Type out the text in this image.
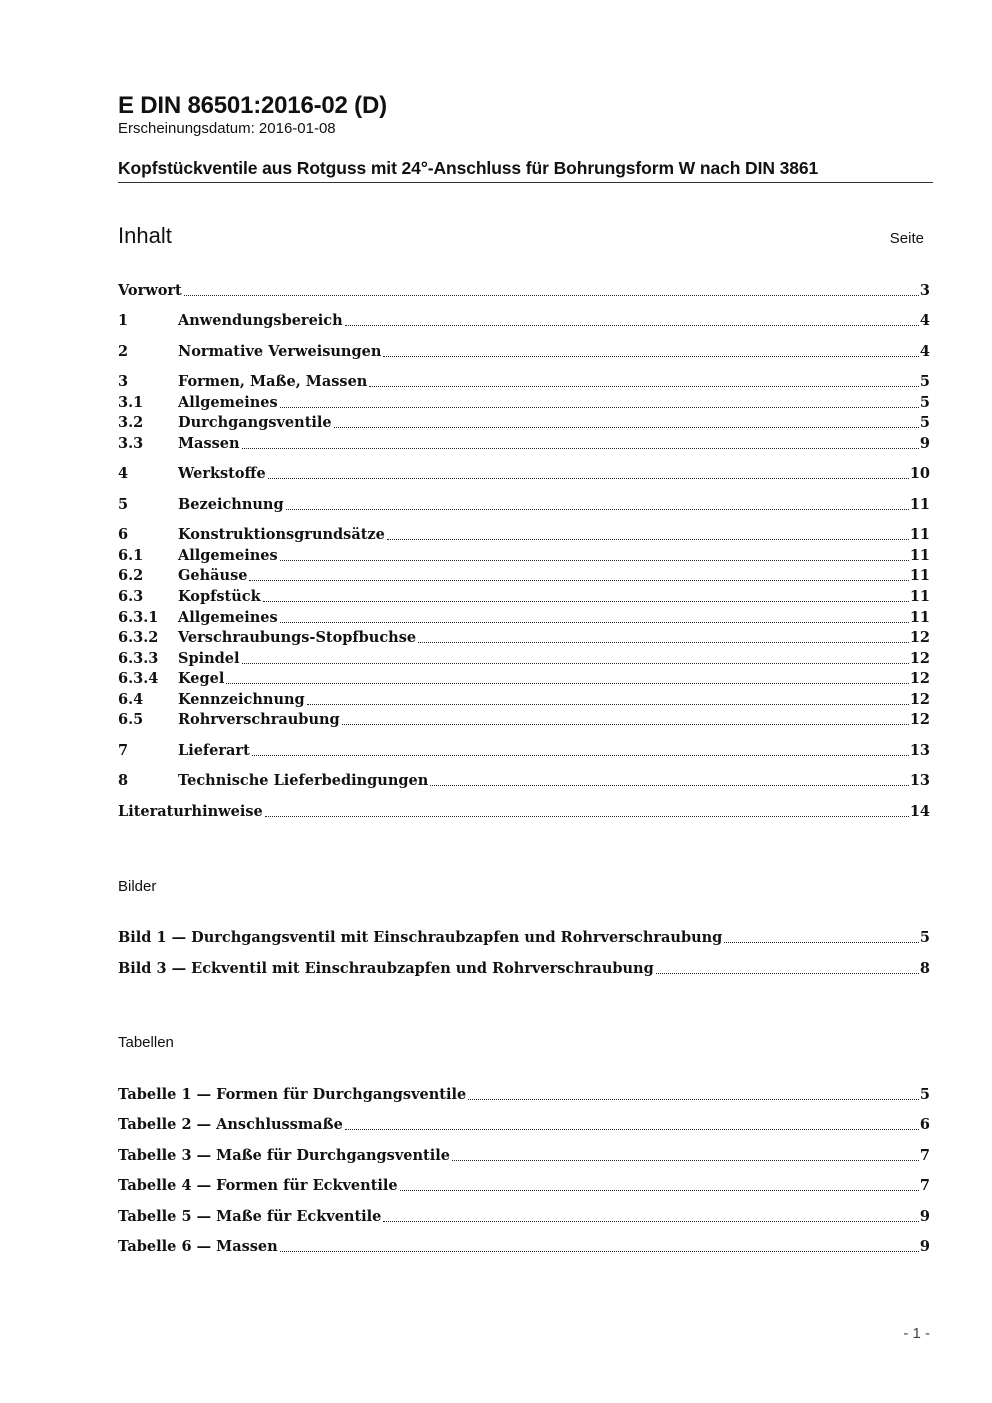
E DIN 86501:2016-02 (D)
Erscheinungsdatum: 2016-01-08
Kopfstückventile aus Rotguss mit 24°-Anschluss für Bohrungsform W nach DIN 3861
Inhalt	Seite
Vorwort	3
1	Anwendungsbereich	4
2	Normative Verweisungen	4
3	Formen, Maße, Massen	5
3.1	Allgemeines	5
3.2	Durchgangsventile	5
3.3	Massen	9
4	Werkstoffe	10
5	Bezeichnung	11
6	Konstruktionsgrundsätze	11
6.1	Allgemeines	11
6.2	Gehäuse	11
6.3	Kopfstück	11
6.3.1	Allgemeines	11
6.3.2	Verschraubungs-Stopfbuchse	12
6.3.3	Spindel	12
6.3.4	Kegel	12
6.4	Kennzeichnung	12
6.5	Rohrverschraubung	12
7	Lieferart	13
8	Technische Lieferbedingungen	13
Literaturhinweise	14
Bilder
Bild 1 — Durchgangsventil mit Einschraubzapfen und Rohrverschraubung	5
Bild 3 — Eckventil mit Einschraubzapfen und Rohrverschraubung	8
Tabellen
Tabelle 1 — Formen für Durchgangsventile	5
Tabelle 2 — Anschlussmaße	6
Tabelle 3 — Maße für Durchgangsventile	7
Tabelle 4 — Formen für Eckventile	7
Tabelle 5 — Maße für Eckventile	9
Tabelle 6 — Massen	9
- 1 -
